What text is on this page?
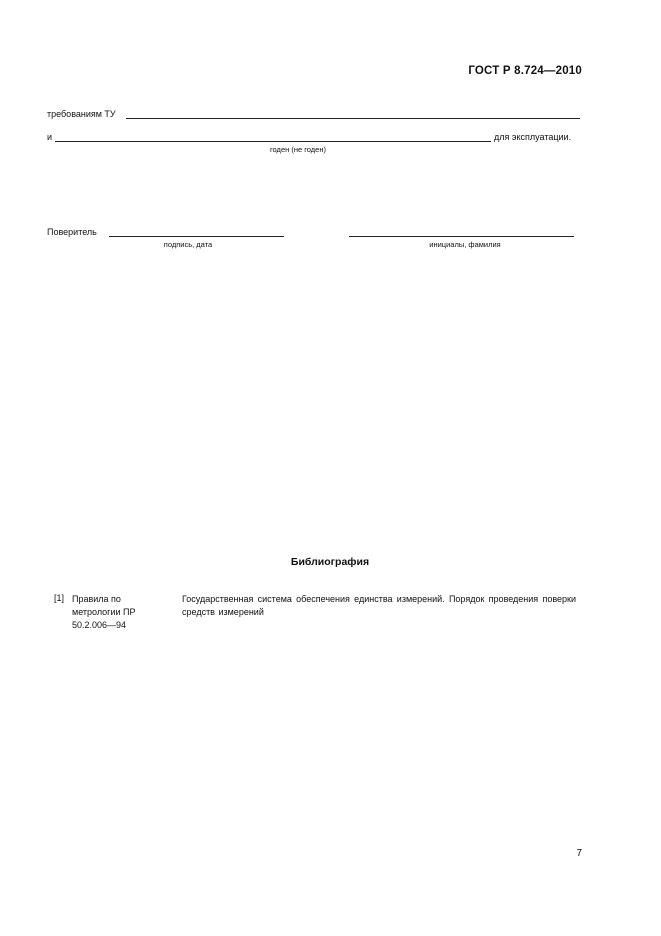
ГОСТ Р 8.724—2010
требованиям ТУ
и	для эксплуатации.
годен (не годен)
Поверитель
подпись, дата	инициалы, фамилия
Библиография
[1] Правила по метрологии ПР 50.2.006—94
Государственная система обеспечения единства измерений. Порядок проведения поверки средств измерений
7
